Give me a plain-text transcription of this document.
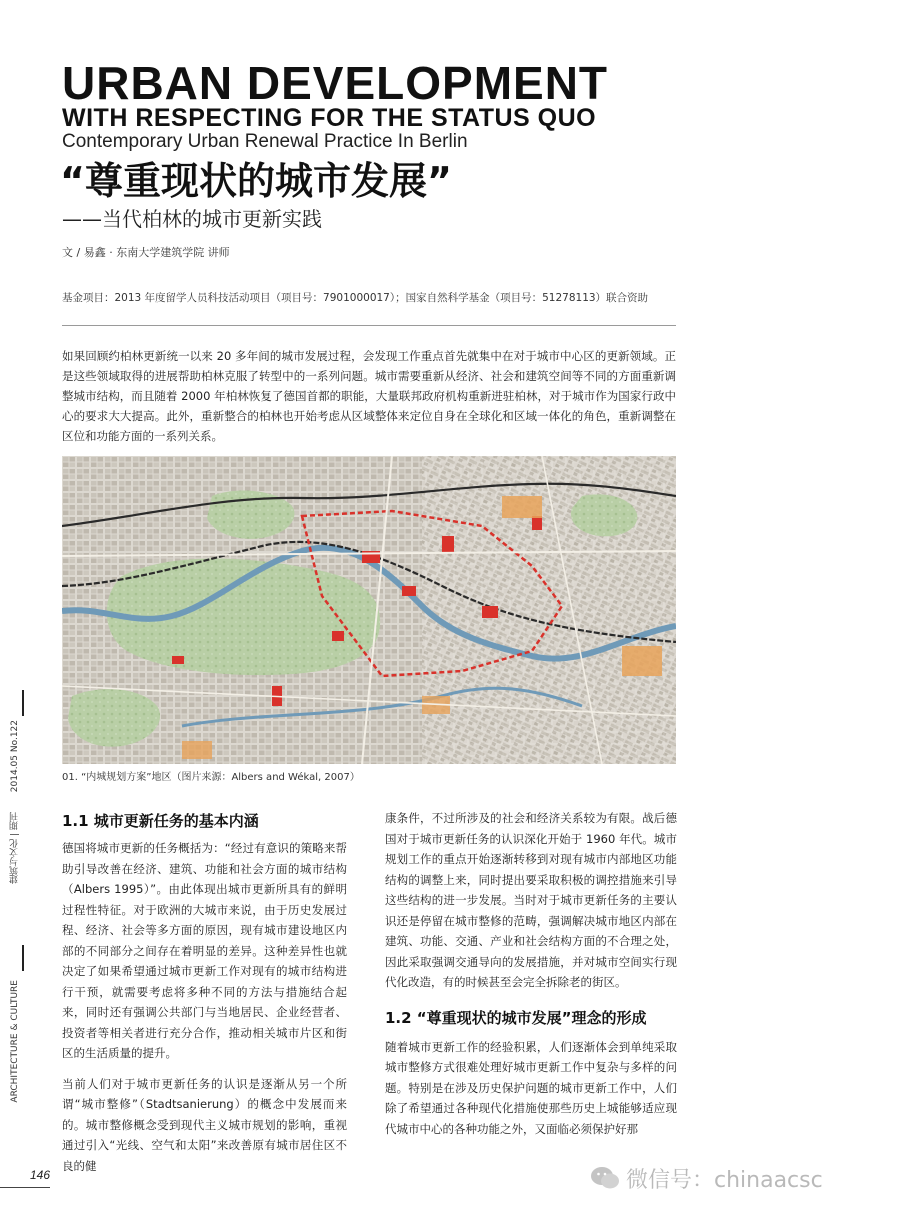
URBAN DEVELOPMENT
WITH RESPECTING FOR THE STATUS QUO
Contemporary Urban Renewal Practice In Berlin
“尊重现状的城市发展”
——当代柏林的城市更新实践
文 / 易鑫 · 东南大学建筑学院 讲师
基金项目：2013 年度留学人员科技活动项目（项目号：7901000017）；国家自然科学基金（项目号：51278113）联合资助
如果回顾约柏林更新统一以来 20 多年间的城市发展过程，会发现工作重点首先就集中在对于城市中心区的更新领域。正是这些领域取得的进展帮助柏林克服了转型中的一系列问题。城市需要重新从经济、社会和建筑空间等不同的方面重新调整城市结构，而且随着 2000 年柏林恢复了德国首都的职能，大量联邦政府机构重新进驻柏林，对于城市作为国家行政中心的要求大大提高。此外，重新整合的柏林也开始考虑从区域整体来定位自身在全球化和区域一体化的角色，重新调整在区位和功能方面的一系列关系。
01. “内城规划方案”地区（图片来源：Albers and Wékal, 2007）
1.1 城市更新任务的基本内涵

德国将城市更新的任务概括为：“经过有意识的策略来帮助引导改善在经济、建筑、功能和社会方面的城市结构（Albers 1995）”。由此体现出城市更新所具有的鲜明过程性特征。对于欧洲的大城市来说，由于历史发展过程、经济、社会等多方面的原因，现有城市建设地区内部的不同部分之间存在着明显的差异。这种差异性也就决定了如果希望通过城市更新工作对现有的城市结构进行干预，就需要考虑将多种不同的方法与措施结合起来，同时还有强调公共部门与当地居民、企业经营者、投资者等相关者进行充分合作，推动相关城市片区和街区的生活质量的提升。

当前人们对于城市更新任务的认识是逐渐从另一个所谓“城市整修”（Stadtsanierung）的概念中发展而来的。城市整修概念受到现代主义城市规划的影响，重视通过引入“光线、空气和太阳”来改善原有城市居住区不良的健

康条件，不过所涉及的社会和经济关系较为有限。战后德国对于城市更新任务的认识深化开始于 1960 年代。城市规划工作的重点开始逐渐转移到对现有城市内部地区功能结构的调整上来，同时提出要采取积极的调控措施来引导这些结构的进一步发展。当时对于城市更新任务的主要认识还是停留在城市整修的范畴，强调解决城市地区内部在建筑、功能、交通、产业和社会结构方面的不合理之处，因此采取强调交通导向的发展措施，并对城市空间实行现代化改造，有的时候甚至会完全拆除老的街区。

1.2 “尊重现状的城市发展”理念的形成

随着城市更新工作的经验积累，人们逐渐体会到单纯采取城市整修方式很难处理好城市更新工作中复杂与多样的问题。特别是在涉及历史保护问题的城市更新工作中，人们除了希望通过各种现代化措施使那些历史上城能够适应现代城市中心的各种功能之外，又面临必须保护好那

2014.05 No.122
建筑与文化 | 期刊
ARCHITECTURE & CULTURE
146	微信号：chinaacsc
